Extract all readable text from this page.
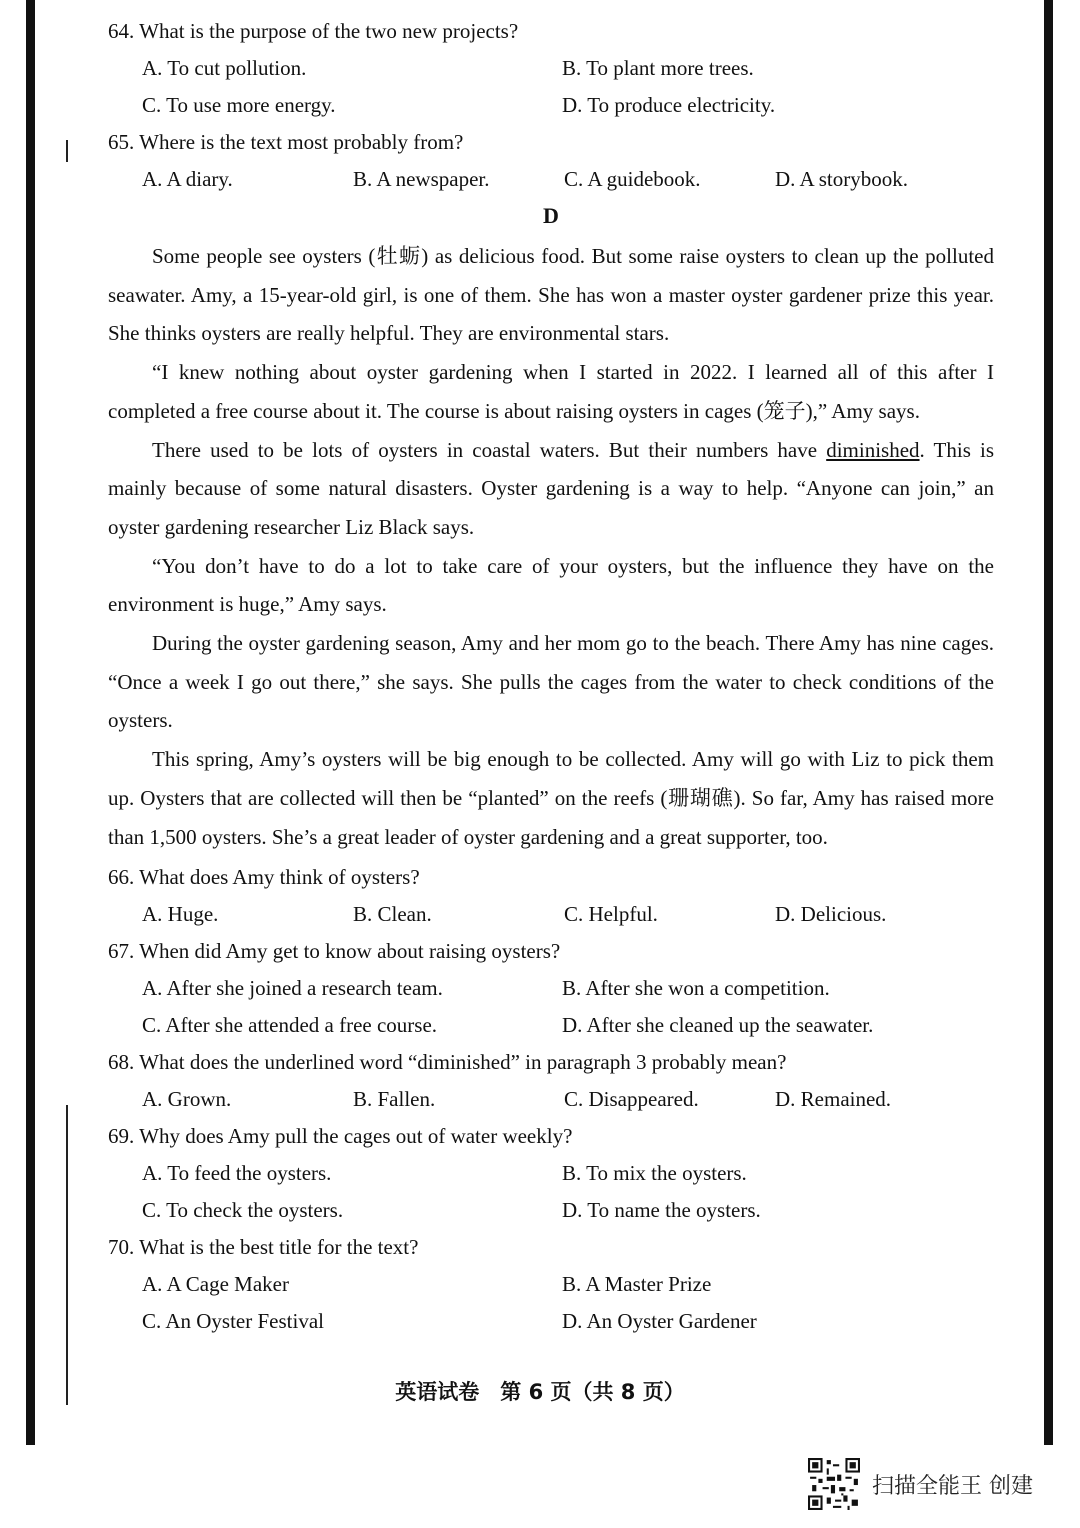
64. What is the purpose of the two new projects?
A. To cut pollution.	B. To plant more trees.
C. To use more energy.	D. To produce electricity.
65. Where is the text most probably from?
A. A diary.	B. A newspaper.	C. A guidebook.	D. A storybook.
D

Some people see oysters (牡蛎) as delicious food. But some raise oysters to clean up the polluted seawater. Amy, a 15-year-old girl, is one of them. She has won a master oyster gardener prize this year. She thinks oysters are really helpful. They are environmental stars.

“I knew nothing about oyster gardening when I started in 2022. I learned all of this after I completed a free course about it. The course is about raising oysters in cages (笼子),” Amy says.

There used to be lots of oysters in coastal waters. But their numbers have diminished. This is mainly because of some natural disasters. Oyster gardening is a way to help. “Anyone can join,” an oyster gardening researcher Liz Black says.

“You don’t have to do a lot to take care of your oysters, but the influence they have on the environment is huge,” Amy says.

During the oyster gardening season, Amy and her mom go to the beach. There Amy has nine cages. “Once a week I go out there,” she says. She pulls the cages from the water to check conditions of the oysters.

This spring, Amy’s oysters will be big enough to be collected. Amy will go with Liz to pick them up. Oysters that are collected will then be “planted” on the reefs (珊瑚礁). So far, Amy has raised more than 1,500 oysters. She’s a great leader of oyster gardening and a great supporter, too.

66. What does Amy think of oysters?
A. Huge.	B. Clean.	C. Helpful.	D. Delicious.
67. When did Amy get to know about raising oysters?
A. After she joined a research team.	B. After she won a competition.
C. After she attended a free course.	D. After she cleaned up the seawater.
68. What does the underlined word “diminished” in paragraph 3 probably mean?
A. Grown.	B. Fallen.	C. Disappeared.	D. Remained.
69. Why does Amy pull the cages out of water weekly?
A. To feed the oysters.	B. To mix the oysters.
C. To check the oysters.	D. To name the oysters.
70. What is the best title for the text?
A. A Cage Maker	B. A Master Prize
C. An Oyster Festival	D. An Oyster Gardener
英语试卷　第 6 页（共 8 页）
扫描全能王 创建
